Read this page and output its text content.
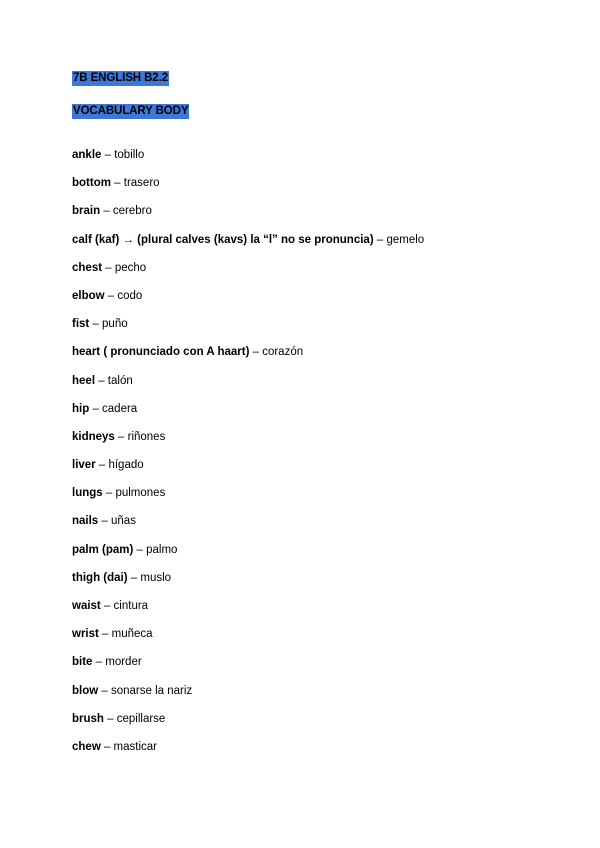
7B ENGLISH B2.2
VOCABULARY BODY
ankle – tobillo
bottom – trasero
brain – cerebro
calf (kaf) → (plural calves (kavs) la “l” no se pronuncia) – gemelo
chest – pecho
elbow – codo
fist – puño
heart ( pronunciado con A haart) – corazón
heel – talón
hip – cadera
kidneys – riñones
liver – hígado
lungs – pulmones
nails – uñas
palm (pam) – palmo
thigh (dai) – muslo
waist – cintura
wrist – muñeca
bite – morder
blow – sonarse la nariz
brush – cepillarse
chew – masticar
